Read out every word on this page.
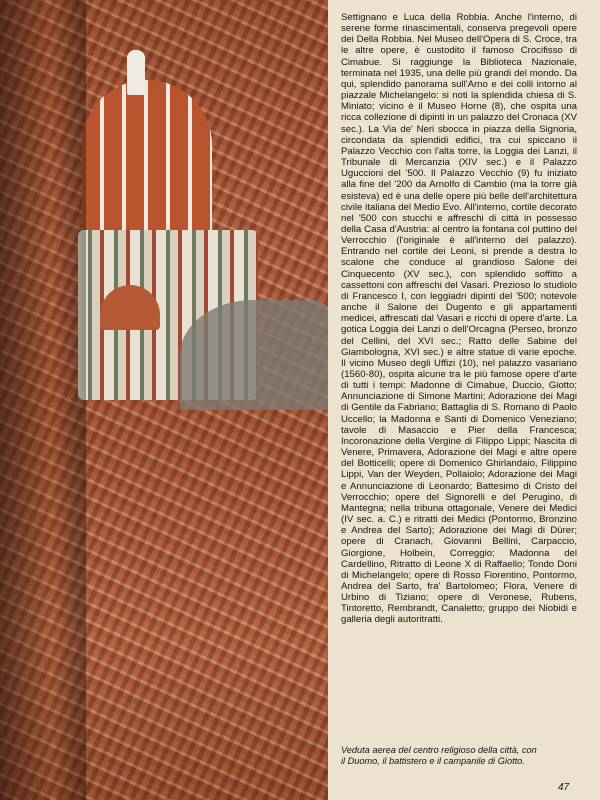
Settignano e Luca della Robbia. Anche l'interno, di serene forme rinascimentali, conserva pregevoli opere dei Della Robbia. Nel Museo dell'Opera di S. Croce, tra le altre opere, è custodito il famoso Crocifisso di Cimabue. Si raggiunge la Biblioteca Nazionale, terminata nel 1935, una delle più grandi del mondo. Da qui, splendido panorama sull'Arno e dei colli intorno al piazzale Michelangelo: si noti la splendida chiesa di S. Miniato; vicino è il Museo Horne (8), che ospita una ricca collezione di dipinti in un palazzo del Cronaca (XV sec.). La Via de' Neri sbocca in piazza della Signoria, circondata da splendidi edifici, tra cui spiccano il Palazzo Vecchio con l'alta torre, la Loggia dei Lanzi, il Tribunale di Mercanzia (XIV sec.) e il Palazzo Uguccioni del '500. Il Palazzo Vecchio (9) fu iniziato alla fine del '200 da Arnolfo di Cambio (ma la torre già esisteva) ed è una delle opere più belle dell'architettura civile italiana del Medio Evo. All'interno, cortile decorato nel '500 con stucchi e affreschi di città in possesso della Casa d'Austria: al centro la fontana col puttino del Verrocchio (l'originale è all'interno del palazzo). Entrando nel cortile dei Leoni, si prende a destra lo scalone che conduce al grandioso Salone dei Cinquecento (XV sec.), con splendido soffitto a cassettoni con affreschi del Vasari. Prezioso lo studiolo di Francesco I, con leggiadri dipinti del '500; notevole anche il Salone dei Dugento e gli appartamenti medicei, affrescati dal Vasari e ricchi di opere d'arte. La gotica Loggia dei Lanzi o dell'Orcagna (Perseo, bronzo del Cellini, del XVI sec.; Ratto delle Sabine del Giambologna, XVI sec.) e altre statue di varie epoche. Il vicino Museo degli Uffizi (10), nel palazzo vasariano (1560-80), ospita alcune tra le più famose opere d'arte di tutti i tempi: Madonne di Cimabue, Duccio, Giotto; Annunciazione di Simone Martini; Adorazione dei Magi di Gentile da Fabriano; Battaglia di S. Romano di Paolo Uccello; la Madonna e Santi di Domenico Veneziano; tavole di Masaccio e Pier della Francesca; Incoronazione della Vergine di Filippo Lippi; Nascita di Venere, Primavera, Adorazione dei Magi e altre opere del Botticelli; opere di Domenico Ghirlandaio, Filippino Lippi, Van der Weyden, Pollaiolo; Adorazione dei Magi e Annunciazione di Leonardo; Battesimo di Cristo del Verrocchio; opere del Signorelli e del Perugino, di Mantegna; nella tribuna ottagonale, Venere dei Medici (IV sec. a. C.) e ritratti dei Medici (Pontormo, Bronzino e Andrea del Sarto); Adorazione dei Magi di Dürer; opere di Cranach, Giovanni Bellini, Carpaccio, Giorgione, Holbein, Correggio; Madonna del Cardellino, Ritratto di Leone X di Raffaello; Tondo Doni di Michelangelo; opere di Rosso Fiorentino, Pontormo, Andrea del Sarto, fra' Bartolomeo; Flora, Venere di Urbino di Tiziano; opere di Veronese, Rubens, Tintoretto, Rembrandt, Canaletto; gruppo dei Niobidi e galleria degli autoritratti.

Veduta aerea del centro religioso della città, con il Duomo, il battistero e il campanile di Giotto.
47
